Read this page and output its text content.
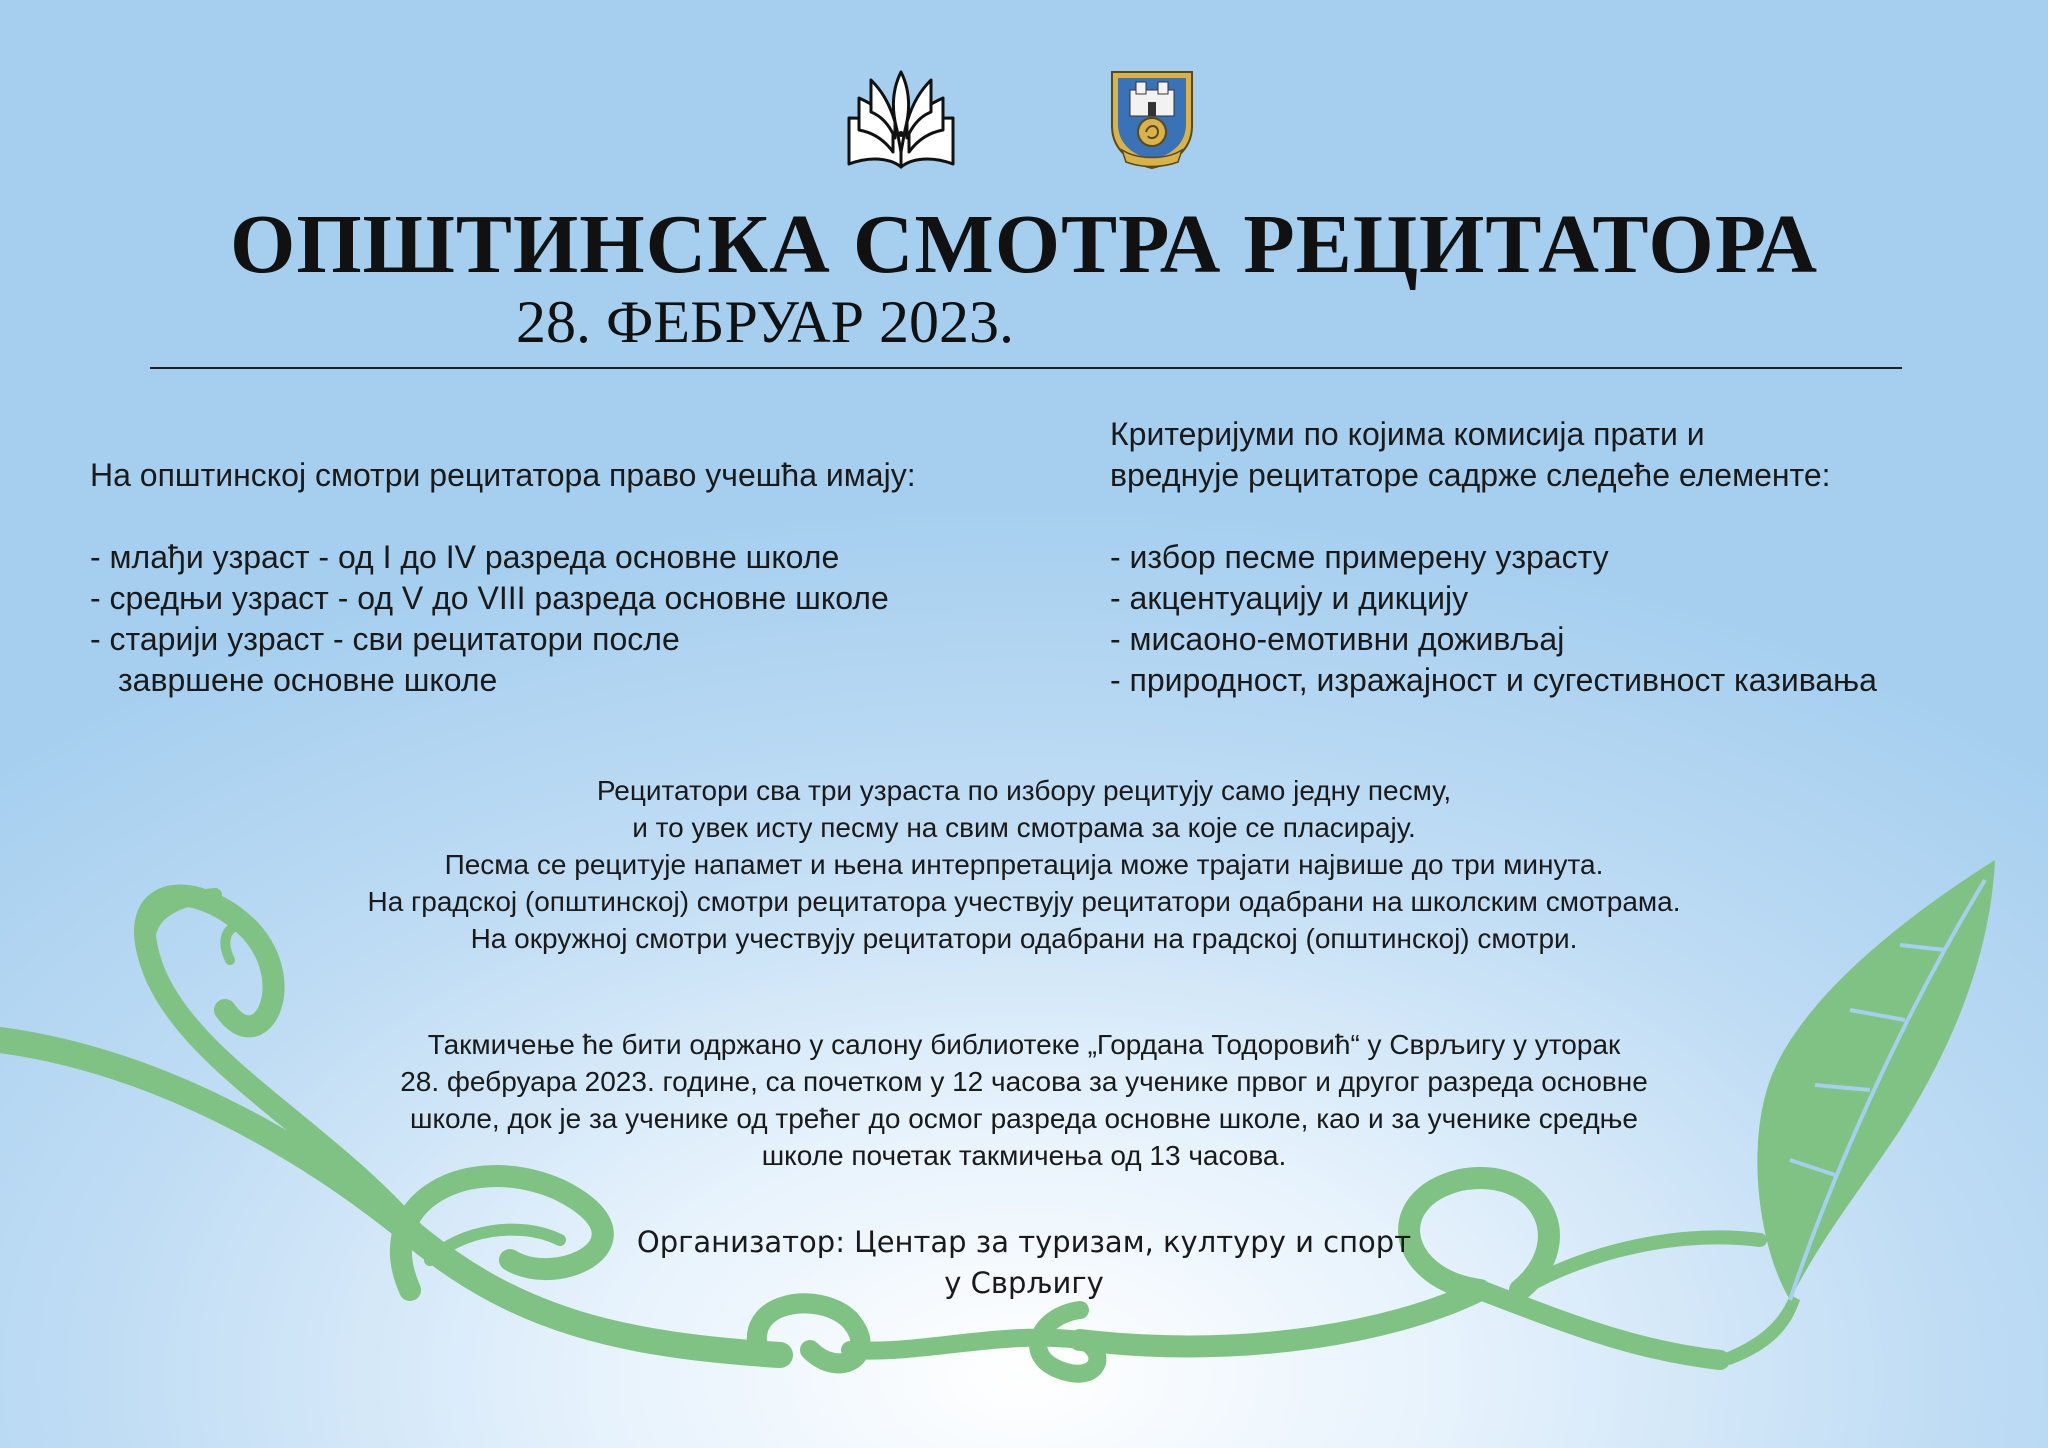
ОПШТИНСКА СМОТРА РЕЦИТАТОРА
28. ФЕБРУАР 2023.

На општинској смотри рецитатора право учешћа имају:

- млађи узраст - од I до IV разреда основне школе

- средњи узраст - од V до VIII разреда основне школе

- старији узраст - сви рецитатори после

завршене основне школе

Критеријуми по којима комисија прати и

вреднује рецитаторе садрже следеће елементе:

- избор песме примерену узрасту

- акцентуацију и дикцију

- мисаоно-емотивни доживљај

- природност, изражајност и сугестивност казивања

Рецитатори сва три узраста по избору рецитују само једну песму,

и то увек исту песму на свим смотрама за које се пласирају.

Песма се рецитује напамет и њена интерпретација може трајати највише до три минута.

На градској (општинској) смотри рецитатора учествују рецитатори одабрани на школским смотрама.

На окружној смотри учествују рецитатори одабрани на градској (општинској) смотри.

Такмичење ће бити одржано у салону библиотеке „Гордана Тодоровић“ у Сврљигу у уторак

28. фебруара 2023. године, са почетком у 12 часова за ученике првог и другог разреда основне

школе, док је за ученике од трећег до осмог разреда основне школе, као и за ученике средње

школе почетак такмичења од 13 часова.

Организатор: Центар за туризам, културу и спорт

у Сврљигу
